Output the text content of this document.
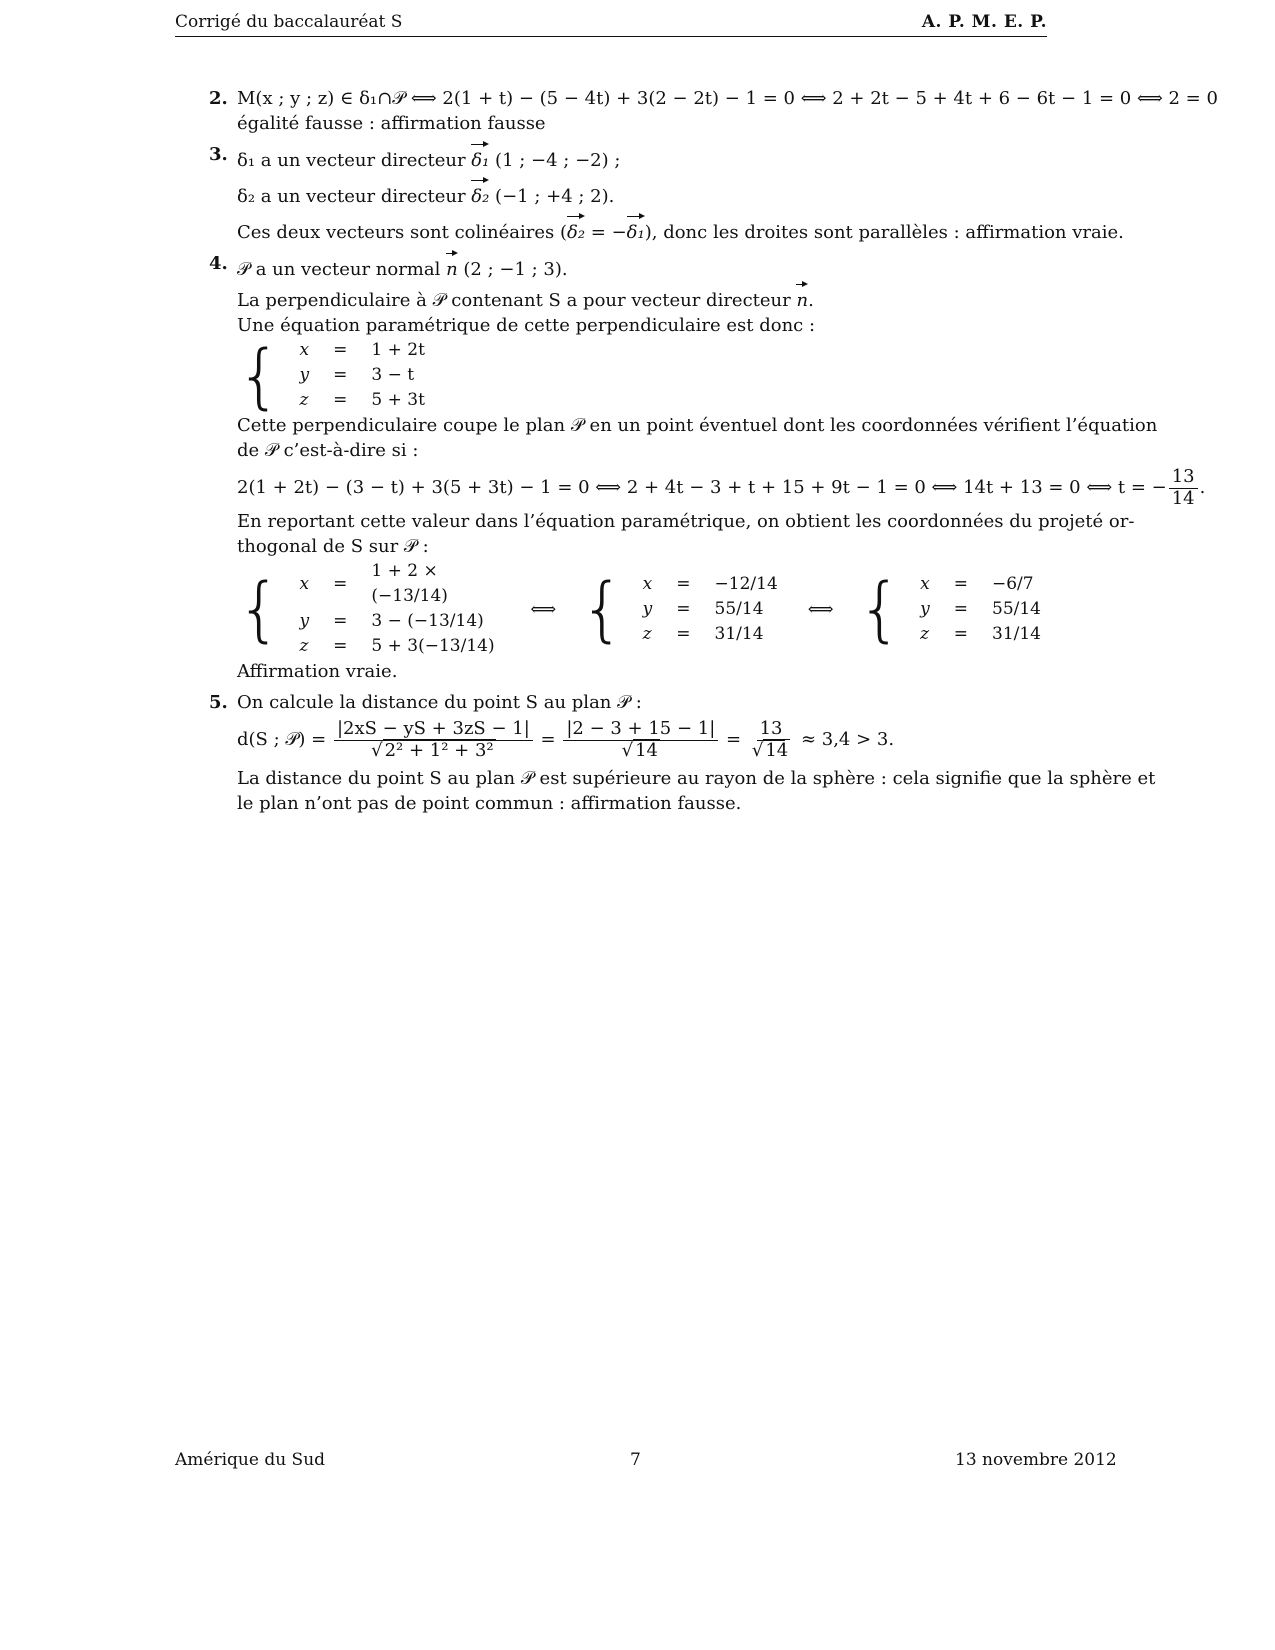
Corrigé du baccalauréat S	A. P. M. E. P.
2. M(x ; y ; z) ∈ δ₁∩𝒫 ⟺ 2(1 + t) − (5 − 4t) + 3(2 − 2t) − 1 = 0 ⟺ 2 + 2t − 5 + 4t + 6 − 6t − 1 = 0 ⟺ 2 = 0
égalité fausse : affirmation fausse
3. δ₁ a un vecteur directeur δ₁ (1 ; −4 ; −2) ;
δ₂ a un vecteur directeur δ₂ (−1 ; +4 ; 2).
Ces deux vecteurs sont colinéaires (δ₂ = −δ₁), donc les droites sont parallèles : affirmation vraie.
4. 𝒫 a un vecteur normal n (2 ; −1 ; 3).
La perpendiculaire à 𝒫 contenant S a pour vecteur directeur n.
Une équation paramétrique de cette perpendiculaire est donc :
{ x	=	1 + 2t
y	=	3 − t
z	=	5 + 3t
Cette perpendiculaire coupe le plan 𝒫 en un point éventuel dont les coordonnées vérifient l’équation
de 𝒫 c’est-à-dire si :
2(1 + 2t) − (3 − t) + 3(5 + 3t) − 1 = 0 ⟺ 2 + 4t − 3 + t + 15 + 9t − 1 = 0 ⟺ 14t + 13 = 0 ⟺ t = − $\frac{13}{14}$ .
En reportant cette valeur dans l’équation paramétrique, on obtient les coordonnées du projeté or-
thogonal de S sur 𝒫 :
{ x	=	1 + 2 × (−13/14)
y	=	3 − (−13/14)
z	=	5 + 3(−13/14)
⟺ { x	=	−12/14
y	=	55/14
z	=	31/14
⟺ { x	=	−6/7
y	=	55/14
z	=	31/14
Affirmation vraie.
5. On calcule la distance du point S au plan 𝒫 :
d(S ; 𝒫) = $\frac{|2xS - yS + 3zS - 1|}{\text{√ 2² + 1² + 3²}} = \frac{|2 - 3 + 15 - 1|}{√ 14} = \frac{13}{√ 14} \approx 3,4 > 3$.
La distance du point S au plan 𝒫 est supérieure au rayon de la sphère : cela signifie que la sphère et
le plan n’ont pas de point commun : affirmation fausse.
Amérique du Sud	7	13 novembre 2012
